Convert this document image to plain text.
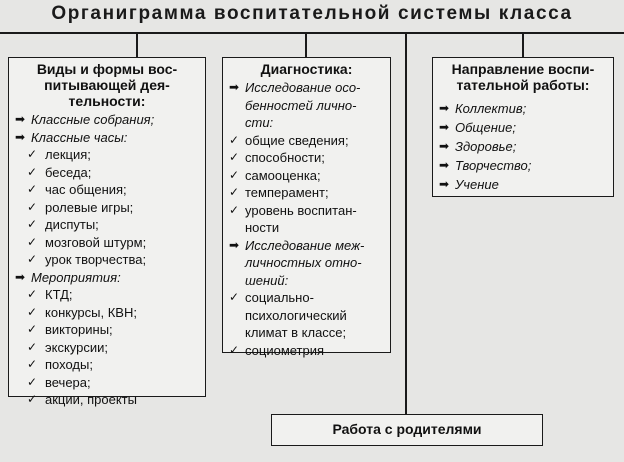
Органиграмма воспитательной системы класса
Виды и формы вос-
питывающей дея-
тельности:
➡ Классные собрания;
➡ Классные часы:
✓ лекция;
✓ беседа;
✓ час общения;
✓ ролевые игры;
✓ диспуты;
✓ мозговой штурм;
✓ урок творчества;
➡ Мероприятия:
✓ КТД;
✓ конкурсы, КВН;
✓ викторины;
✓ экскурсии;
✓ походы;
✓ вечера;
✓ акции, проекты
Диагностика:
➡ Исследование осо-
бенностей лично-
сти:
✓ общие сведения;
✓ способности;
✓ самооценка;
✓ темперамент;
✓ уровень воспитан-
ности
➡ Исследование меж-
личностных отно-
шений:
✓ социально-
психологический
климат в классе;
✓ социометрия
Направление воспи-
тательной работы:
➡ Коллектив;
➡ Общение;
➡ Здоровье;
➡ Творчество;
➡ Учение
Работа с родителями
